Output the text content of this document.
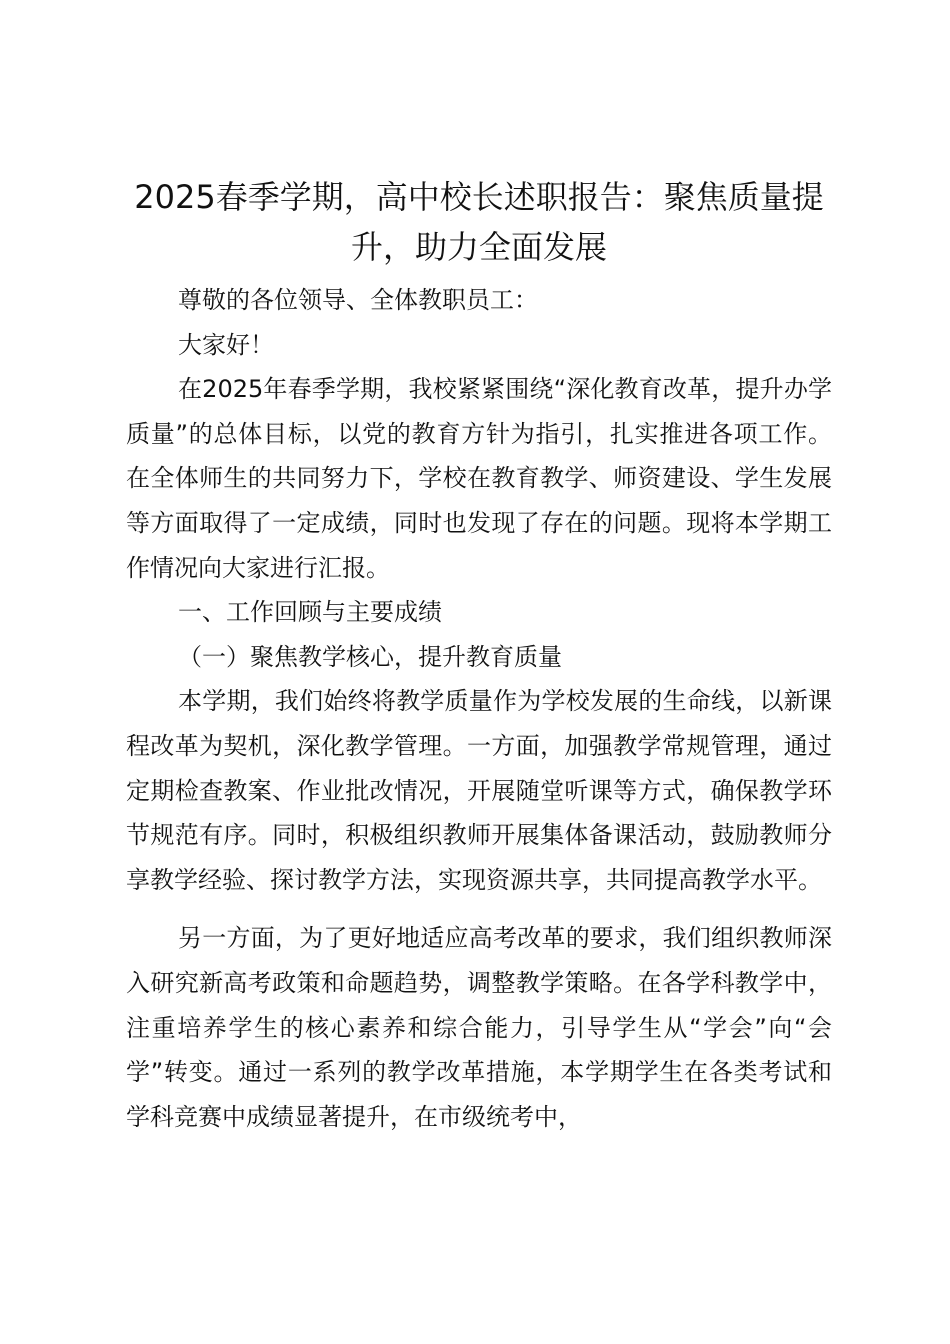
2025春季学期，高中校长述职报告：聚焦质量提升，助力全面发展

尊敬的各位领导、全体教职员工：

大家好！

在2025年春季学期，我校紧紧围绕“深化教育改革，提升办学质量”的总体目标，以党的教育方针为指引，扎实推进各项工作。在全体师生的共同努力下，学校在教育教学、师资建设、学生发展等方面取得了一定成绩，同时也发现了存在的问题。现将本学期工作情况向大家进行汇报。

一、工作回顾与主要成绩

（一）聚焦教学核心，提升教育质量

本学期，我们始终将教学质量作为学校发展的生命线，以新课程改革为契机，深化教学管理。一方面，加强教学常规管理，通过定期检查教案、作业批改情况，开展随堂听课等方式，确保教学环节规范有序。同时，积极组织教师开展集体备课活动，鼓励教师分享教学经验、探讨教学方法，实现资源共享，共同提高教学水平。

另一方面，为了更好地适应高考改革的要求，我们组织教师深入研究新高考政策和命题趋势，调整教学策略。在各学科教学中，注重培养学生的核心素养和综合能力，引导学生从“学会”向“会学”转变。通过一系列的教学改革措施，本学期学生在各类考试和学科竞赛中成绩显著提升，在市级统考中，
